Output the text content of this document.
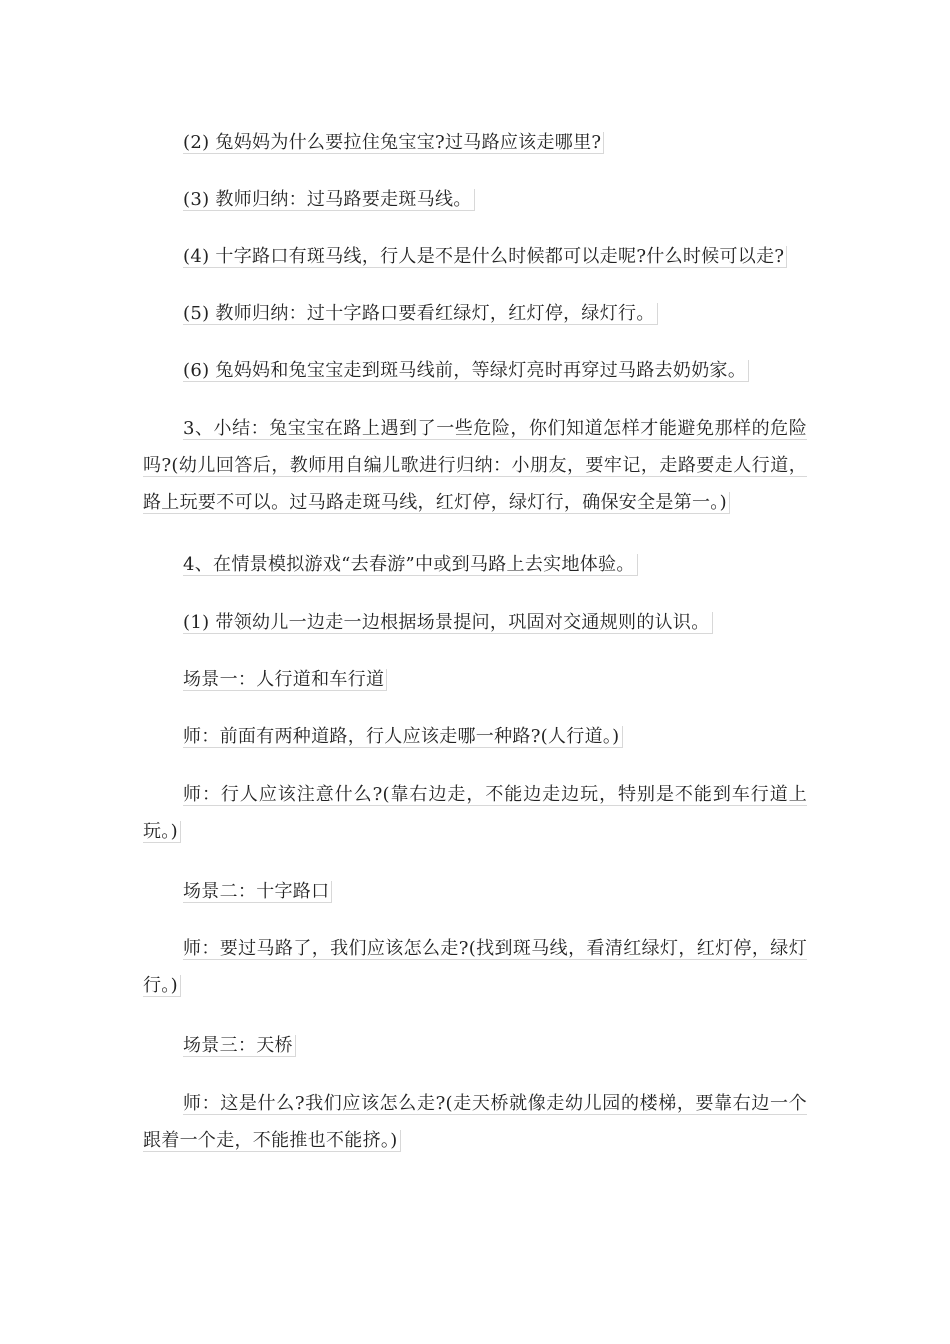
(2) 兔妈妈为什么要拉住兔宝宝?过马路应该走哪里?
(3) 教师归纳：过马路要走斑马线。
(4) 十字路口有斑马线，行人是不是什么时候都可以走呢?什么时候可以走?
(5) 教师归纳：过十字路口要看红绿灯，红灯停，绿灯行。
(6) 兔妈妈和兔宝宝走到斑马线前，等绿灯亮时再穿过马路去奶奶家。
3、小结：兔宝宝在路上遇到了一些危险，你们知道怎样才能避免那样的危险吗?(幼儿回答后，教师用自编儿歌进行归纳：小朋友，要牢记，走路要走人行道，路上玩要不可以。过马路走斑马线，红灯停，绿灯行，确保安全是第一。)
4、在情景模拟游戏“去春游”中或到马路上去实地体验。
(1) 带领幼儿一边走一边根据场景提问，巩固对交通规则的认识。
场景一：人行道和车行道
师：前面有两种道路，行人应该走哪一种路?(人行道。)
师：行人应该注意什么?(靠右边走，不能边走边玩，特别是不能到车行道上玩。)
场景二：十字路口
师：要过马路了，我们应该怎么走?(找到斑马线，看清红绿灯，红灯停，绿灯行。)
场景三：天桥
师：这是什么?我们应该怎么走?(走天桥就像走幼儿园的楼梯，要靠右边一个跟着一个走，不能推也不能挤。)
